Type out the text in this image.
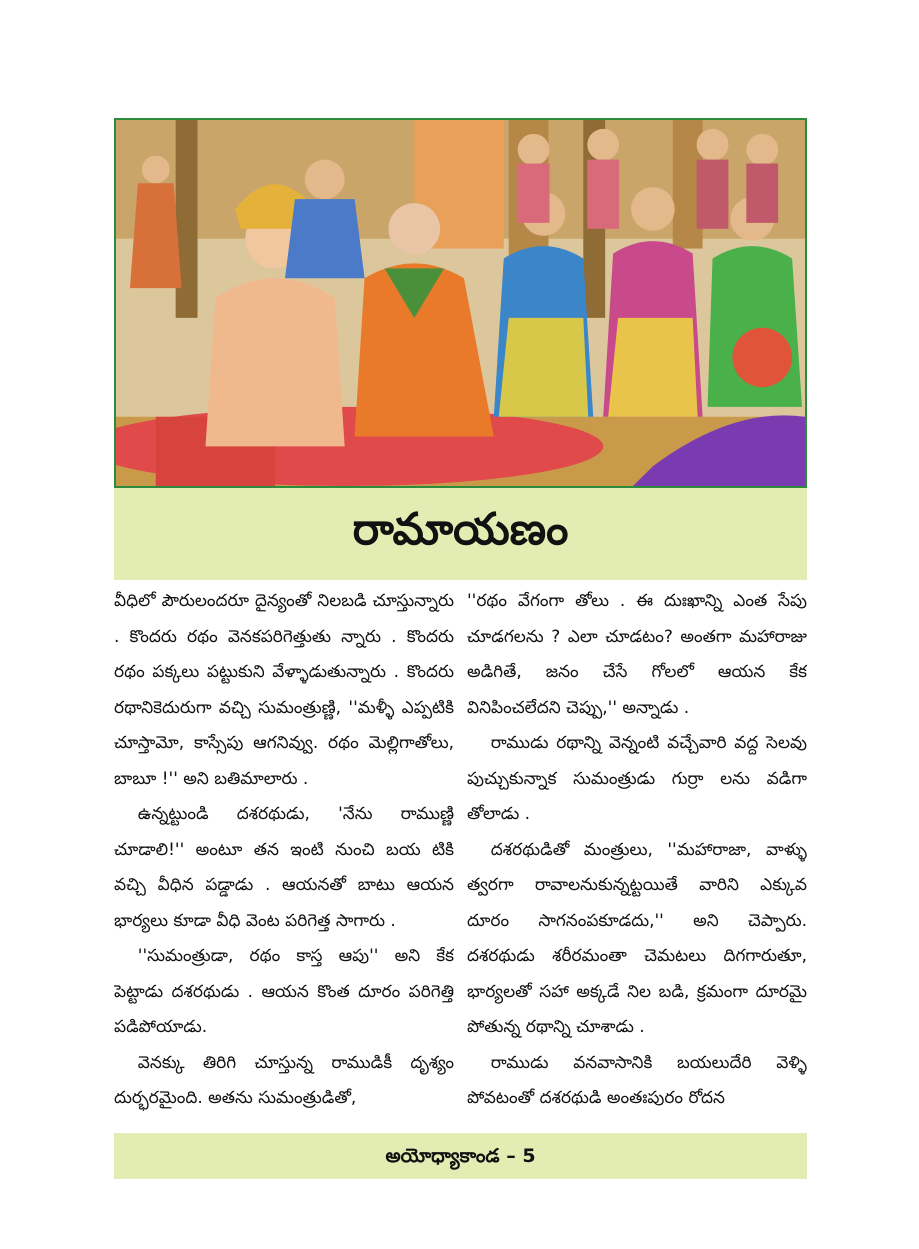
రామాయణం

వీధిలో పౌరులందరూ దైన్యంతో నిలబడి చూస్తున్నారు . కొందరు రథం వెనకపరిగెత్తుతు న్నారు . కొందరు రథం పక్కలు పట్టుకుని వేళ్ళాడుతున్నారు . కొందరు రథానికెదురుగా వచ్చి సుమంత్రుణ్ణి, ''మళ్ళీ ఎప్పటికి చూస్తామో, కాస్సేపు ఆగనివ్వు. రథం మెల్లిగాతోలు, బాబూ !'' అని బతిమాలారు .

ఉన్నట్టుండి దశరథుడు, 'నేను రాముణ్ణి చూడాలి!'' అంటూ తన ఇంటి నుంచి బయ టికి వచ్చి వీధిన పడ్డాడు . ఆయనతో బాటు ఆయన భార్యలు కూడా వీధి వెంట పరిగెత్త సాగారు .

''సుమంత్రుడా, రథం కాస్త ఆపు'' అని కేక పెట్టాడు దశరథుడు . ఆయన కొంత దూరం పరిగెత్తి పడిపోయాడు.

వెనక్కు తిరిగి చూస్తున్న రాముడికీ దృశ్యం దుర్భరమైంది. అతను సుమంత్రుడితో,

''రథం వేగంగా తోలు . ఈ దుఃఖాన్ని ఎంత సేపు చూడగలను ? ఎలా చూడటం? అంతగా మహారాజు అడిగితే, జనం చేసే గోలలో ఆయన కేక వినిపించలేదని చెప్పు,'' అన్నాడు .

రాముడు రథాన్ని వెన్నంటి వచ్చేవారి వద్ద సెలవు పుచ్చుకున్నాక సుమంత్రుడు గుర్రా లను వడిగా తోలాడు .

దశరథుడితో మంత్రులు, ''మహారాజా, వాళ్ళు త్వరగా రావాలనుకున్నట్టయితే వారిని ఎక్కువ దూరం సాగనంపకూడదు,'' అని చెప్పారు. దశరథుడు శరీరమంతా చెమటలు దిగగారుతూ, భార్యలతో సహా అక్కడే నిల బడి, క్రమంగా దూరమై పోతున్న రథాన్ని చూశాడు .

రాముడు వనవాసానికి బయలుదేరి వెళ్ళి పోవటంతో దశరథుడి అంతఃపురం రోదన

అయోధ్యాకాండ – 5
